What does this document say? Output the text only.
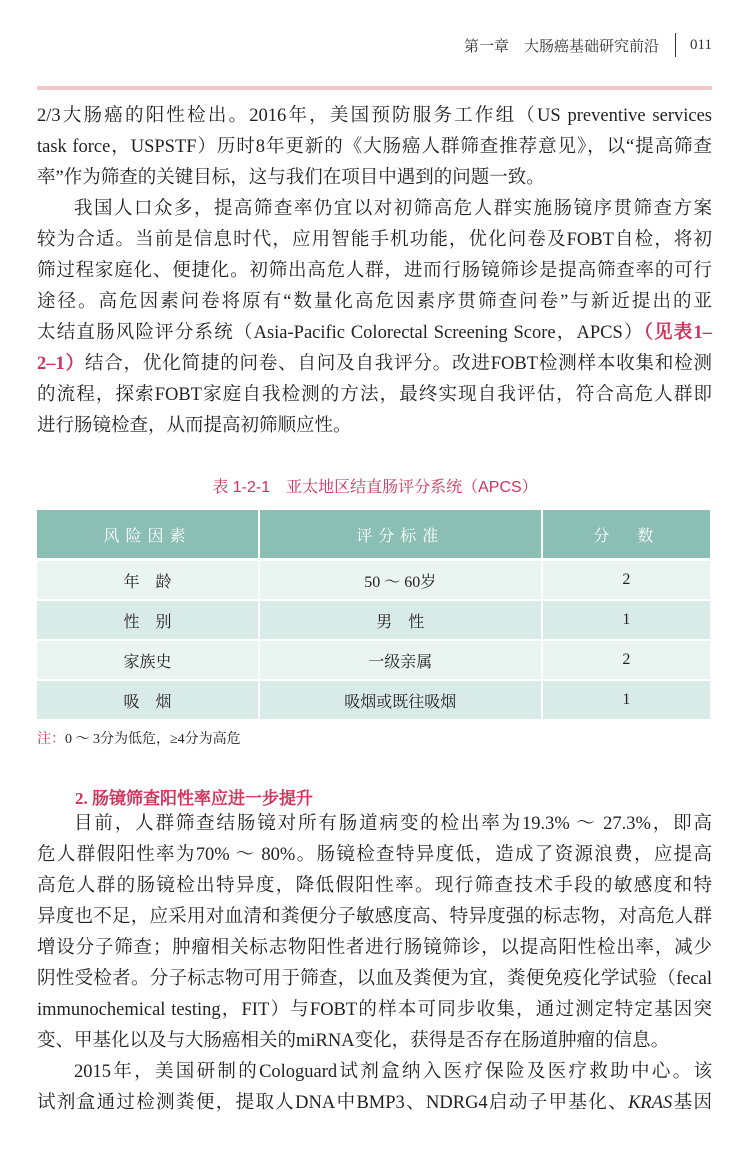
第一章　大肠癌基础研究前沿 011
2/3大肠癌的阳性检出。2016年，美国预防服务工作组（US preventive services
task force，USPSTF）历时8年更新的《大肠癌人群筛查推荐意见》，以“提高筛查
率”作为筛查的关键目标，这与我们在项目中遇到的问题一致。
我国人口众多，提高筛查率仍宜以对初筛高危人群实施肠镜序贯筛查方案
较为合适。当前是信息时代，应用智能手机功能，优化问卷及FOBT自检，将初
筛过程家庭化、便捷化。初筛出高危人群，进而行肠镜筛诊是提高筛查率的可行
途径。高危因素问卷将原有“数量化高危因素序贯筛查问卷”与新近提出的亚
太结直肠风险评分系统（Asia-Pacific Colorectal Screening Score，APCS）（见表1–
2–1）结合，优化简捷的问卷、自问及自我评分。改进FOBT检测样本收集和检测
的流程，探索FOBT家庭自我检测的方法，最终实现自我评估，符合高危人群即
进行肠镜检查，从而提高初筛顺应性。
表 1-2-1　亚太地区结直肠评分系统（APCS）
风险因素	评分标准	分　数
年　龄	50 ～ 60岁	2
性　别	男　性	1
家族史	一级亲属	2
吸　烟	吸烟或既往吸烟	1
注：0 ～ 3分为低危，≥4分为高危
2. 肠镜筛查阳性率应进一步提升
目前，人群筛查结肠镜对所有肠道病变的检出率为19.3% ～ 27.3%，即高
危人群假阳性率为70% ～ 80%。肠镜检查特异度低，造成了资源浪费，应提高
高危人群的肠镜检出特异度，降低假阳性率。现行筛查技术手段的敏感度和特
异度也不足，应采用对血清和粪便分子敏感度高、特异度强的标志物，对高危人群
增设分子筛查；肿瘤相关标志物阳性者进行肠镜筛诊，以提高阳性检出率，减少
阴性受检者。分子标志物可用于筛查，以血及粪便为宜，粪便免疫化学试验（fecal
immunochemical testing，FIT）与FOBT的样本可同步收集，通过测定特定基因突
变、甲基化以及与大肠癌相关的miRNA变化，获得是否存在肠道肿瘤的信息。
2015年，美国研制的Cologuard试剂盒纳入医疗保险及医疗救助中心。该
试剂盒通过检测粪便，提取人DNA中BMP3、NDRG4启动子甲基化、KRAS基因
